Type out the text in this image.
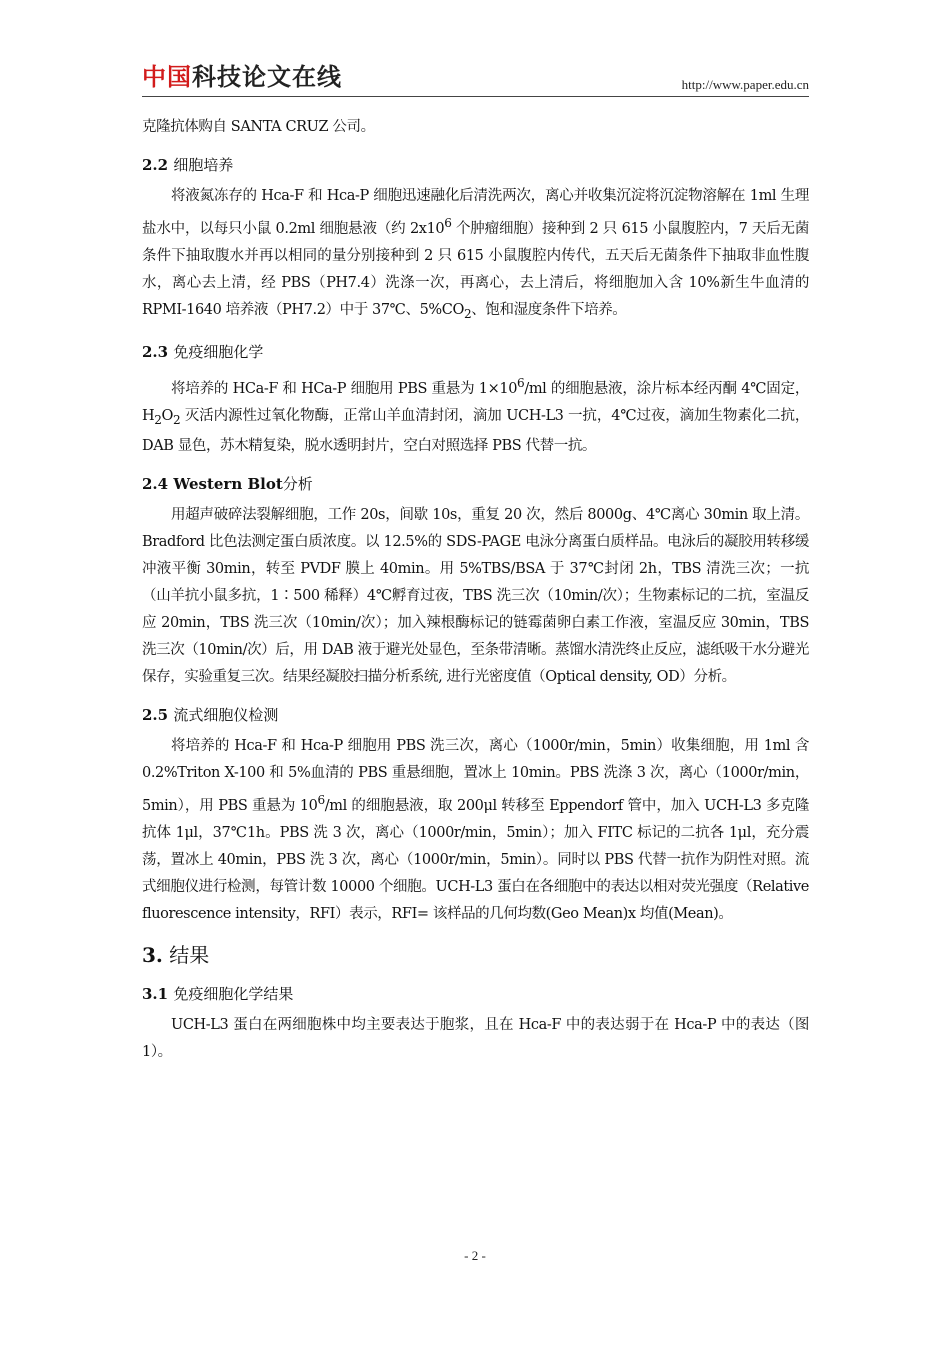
中国科技论文在线	http://www.paper.edu.cn

克隆抗体购自 SANTA CRUZ 公司。

2.2 细胞培养

将液氮冻存的 Hca-F 和 Hca-P 细胞迅速融化后清洗两次，离心并收集沉淀将沉淀物溶解在 1ml 生理盐水中，以每只小鼠 0.2ml 细胞悬液（约 $2x10^6$ 个肿瘤细胞）接种到 2 只 615 小鼠腹腔内，7 天后无菌条件下抽取腹水并再以相同的量分别接种到 2 只 615 小鼠腹腔内传代，五天后无菌条件下抽取非血性腹水，离心去上清，经 PBS（PH7.4）洗涤一次，再离心，去上清后，将细胞加入含 10%新生牛血清的 RPMI-1640 培养液（PH7.2）中于 37℃、$5\%CO_2$、饱和湿度条件下培养。

2.3 免疫细胞化学

将培养的 HCa-F 和 HCa-P 细胞用 PBS 重悬为 $1\times 10^6/ml$ 的细胞悬液，涂片标本经丙酮 4℃固定，$H_2O_2$ 灭活内源性过氧化物酶，正常山羊血清封闭，滴加 UCH-L3 一抗，4℃过夜，滴加生物素化二抗，DAB 显色，苏木精复染，脱水透明封片，空白对照选择 PBS 代替一抗。

2.4 Western Blot分析

用超声破碎法裂解细胞，工作 20s，间歇 10s，重复 20 次，然后 8000g、4℃离心 30min 取上清。Bradford 比色法测定蛋白质浓度。以 12.5%的 SDS-PAGE 电泳分离蛋白质样品。电泳后的凝胶用转移缓冲液平衡 30min，转至 PVDF 膜上 40min。用 5%TBS/BSA 于 37℃封闭 2h，TBS 清洗三次；一抗（山羊抗小鼠多抗，1∶500 稀释）4℃孵育过夜，TBS 洗三次（10min/次）；生物素标记的二抗，室温反应 20min，TBS 洗三次（10min/次）；加入辣根酶标记的链霉菌卵白素工作液，室温反应 30min，TBS 洗三次（10min/次）后，用 DAB 液于避光处显色，至条带清晰。蒸馏水清洗终止反应，滤纸吸干水分避光保存，实验重复三次。结果经凝胶扫描分析系统, 进行光密度值（Optical density, OD）分析。

2.5 流式细胞仪检测

将培养的 Hca-F 和 Hca-P 细胞用 PBS 洗三次，离心（1000r/min，5min）收集细胞，用 1ml 含 0.2%Triton X-100 和 5%血清的 PBS 重悬细胞，置冰上 10min。PBS 洗涤 3 次，离心（1000r/min，5min），用 PBS 重悬为 $10^6/ml$ 的细胞悬液，取 200μl 转移至 Eppendorf 管中，加入 UCH-L3 多克隆抗体 1μl，37℃1h。PBS 洗 3 次，离心（1000r/min，5min）；加入 FITC 标记的二抗各 1μl，充分震荡，置冰上 40min，PBS 洗 3 次，离心（1000r/min，5min）。同时以 PBS 代替一抗作为阴性对照。流式细胞仪进行检测，每管计数 10000 个细胞。UCH-L3 蛋白在各细胞中的表达以相对荧光强度（Relative fluorescence intensity，RFI）表示，RFI= 该样品的几何均数(Geo Mean)x 均值(Mean)。

3. 结果
3.1 免疫细胞化学结果

UCH-L3 蛋白在两细胞株中均主要表达于胞浆，且在 Hca-F 中的表达弱于在 Hca-P 中的表达（图 1）。

- 2 -
